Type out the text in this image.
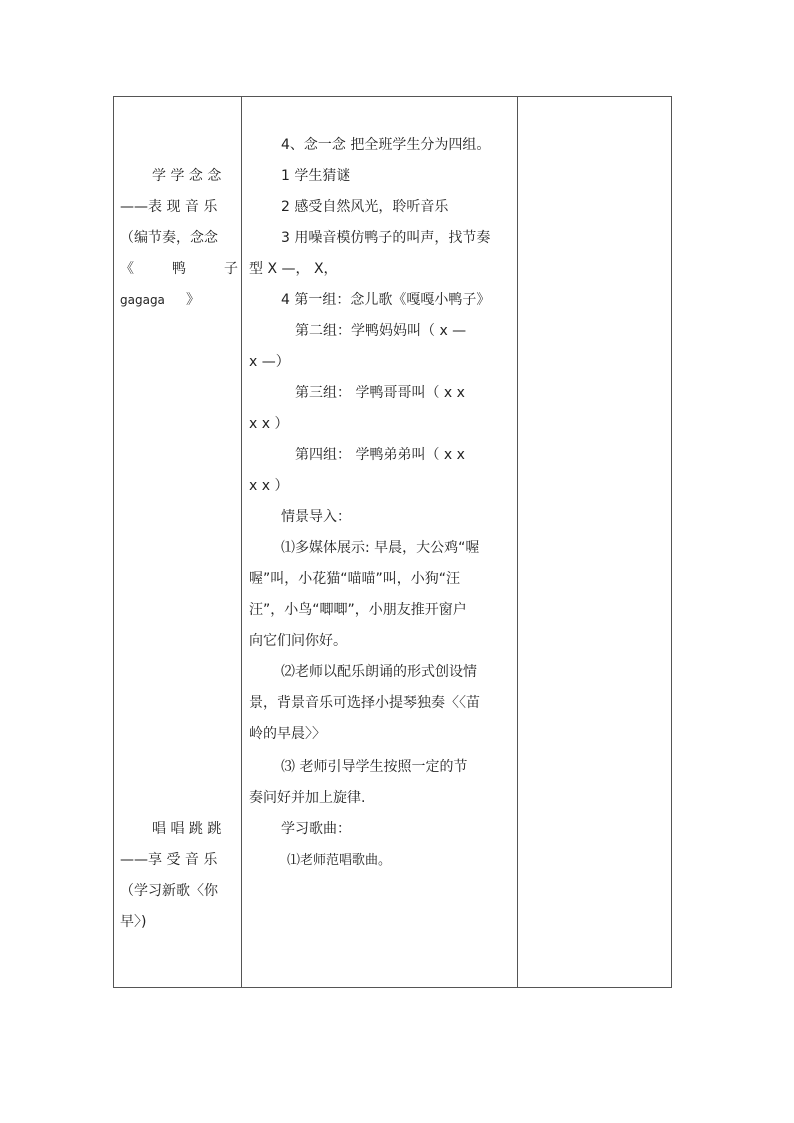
学 学 念 念

——表 现 音 乐

（编节奏，念念

《	鸭	子
gagaga 》

唱 唱 跳 跳

——享 受 音 乐

（学习新歌〈你

早〉)

4、念一念 把全班学生分为四组。

1 学生猜谜

2 感受自然风光，聆听音乐

3 用噪音模仿鸭子的叫声，找节奏

型 X —， X，

4 第一组：念儿歌《嘎嘎小鸭子》

第二组：学鸭妈妈叫（ x —

x —）

第三组： 学鸭哥哥叫（ x x

x x ）

第四组： 学鸭弟弟叫（ x x

x x ）

情景导入：

⑴多媒体展示: 早晨，大公鸡“喔

喔”叫，小花猫“喵喵”叫，小狗“汪

汪”，小鸟“唧唧”，小朋友推开窗户

向它们问你好。

⑵老师以配乐朗诵的形式创设情

景，背景音乐可选择小提琴独奏〈〈苗

岭的早晨〉〉

⑶ 老师引导学生按照一定的节

奏问好并加上旋律.

学习歌曲：

⑴老师范唱歌曲。
